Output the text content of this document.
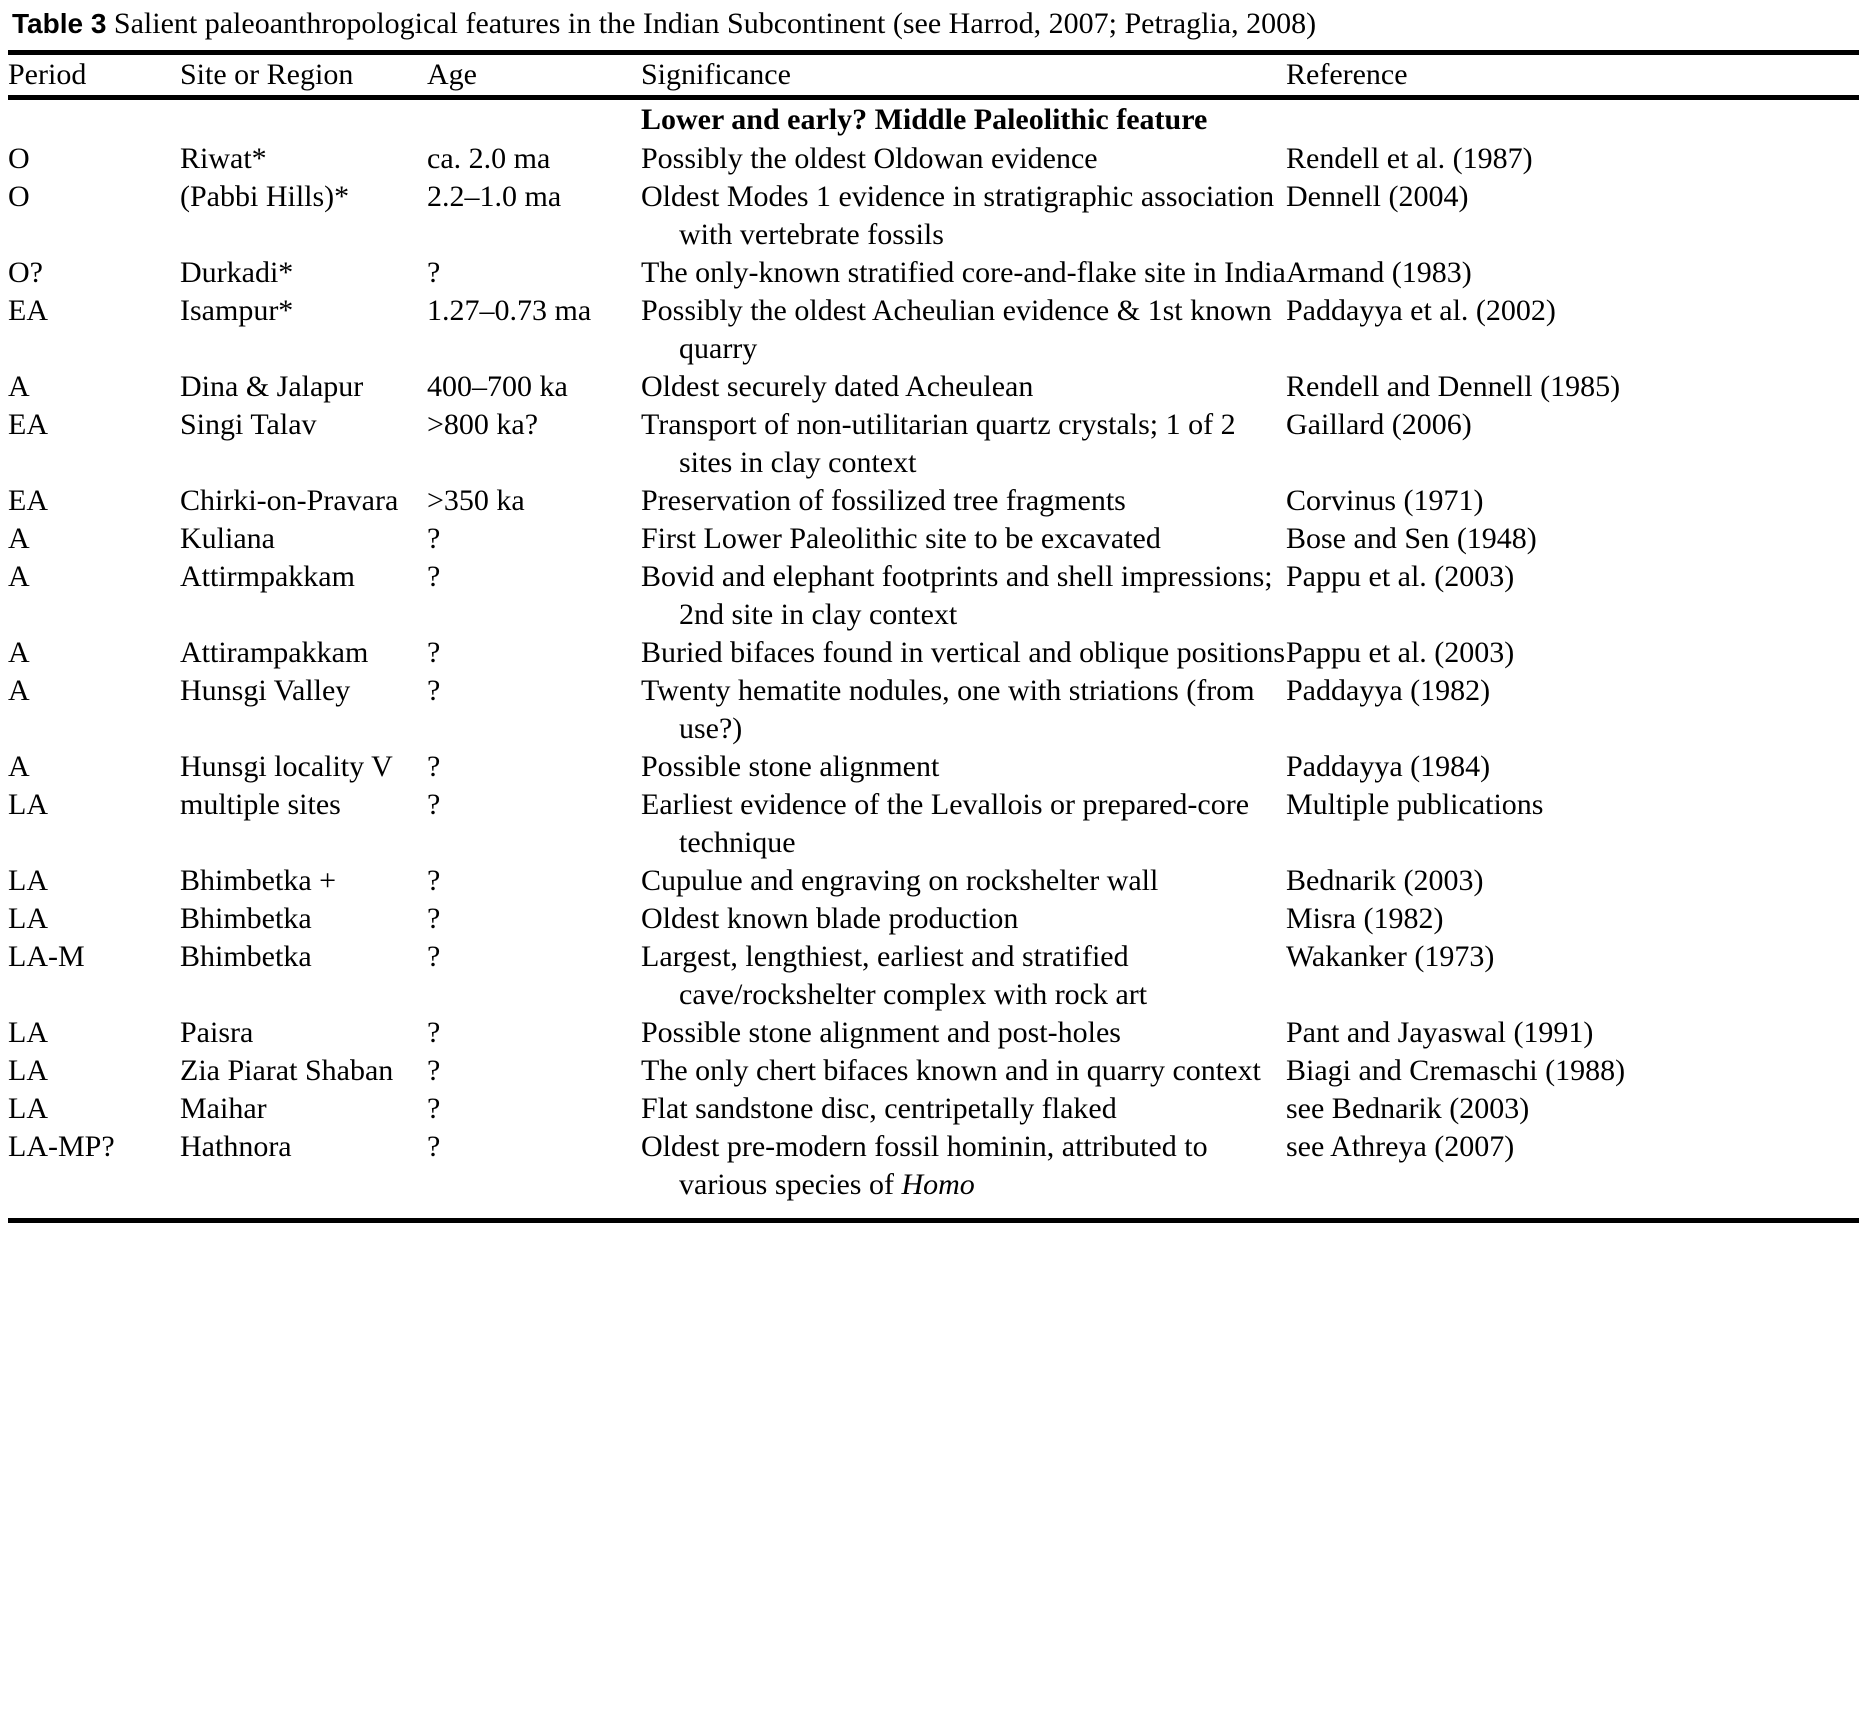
Table 3 Salient paleoanthropological features in the Indian Subcontinent (see Harrod, 2007; Petraglia, 2008)
Period	Site or Region	Age	Significance	Reference
			Lower and early? Middle Paleolithic feature	

O	Riwat*	ca. 2.0 ma	Possibly the oldest Oldowan evidence	Rendell et al. (1987)

O	(Pabbi Hills)*	2.2–1.0 ma	Oldest Modes 1 evidence in stratigraphic association with vertebrate fossils	Dennell (2004)

O?	Durkadi*	?	The only-known stratified core-and-flake site in India	Armand (1983)

EA	Isampur*	1.27–0.73 ma	Possibly the oldest Acheulian evidence & 1st known quarry	Paddayya et al. (2002)

A	Dina & Jalapur	400–700 ka	Oldest securely dated Acheulean	Rendell and Dennell (1985)

EA	Singi Talav	>800 ka?	Transport of non-utilitarian quartz crystals; 1 of 2 sites in clay context	Gaillard (2006)

EA	Chirki-on-Pravara	>350 ka	Preservation of fossilized tree fragments	Corvinus (1971)

A	Kuliana	?	First Lower Paleolithic site to be excavated	Bose and Sen (1948)

A	Attirmpakkam	?	Bovid and elephant footprints and shell impressions; 2nd site in clay context	Pappu et al. (2003)

A	Attirampakkam	?	Buried bifaces found in vertical and oblique positions	Pappu et al. (2003)

A	Hunsgi Valley	?	Twenty hematite nodules, one with striations (from use?)	Paddayya (1982)

A	Hunsgi locality V	?	Possible stone alignment	Paddayya (1984)

LA	multiple sites	?	Earliest evidence of the Levallois or prepared-core technique	Multiple publications

LA	Bhimbetka +	?	Cupulue and engraving on rockshelter wall	Bednarik (2003)

LA	Bhimbetka	?	Oldest known blade production	Misra (1982)

LA-M	Bhimbetka	?	Largest, lengthiest, earliest and stratified cave/rockshelter complex with rock art	Wakanker (1973)

LA	Paisra	?	Possible stone alignment and post-holes	Pant and Jayaswal (1991)

LA	Zia Piarat Shaban	?	The only chert bifaces known and in quarry context	Biagi and Cremaschi (1988)

LA	Maihar	?	Flat sandstone disc, centripetally flaked	see Bednarik (2003)

LA-MP?	Hathnora	?	Oldest pre-modern fossil hominin, attributed to various species of Homo	see Athreya (2007)
